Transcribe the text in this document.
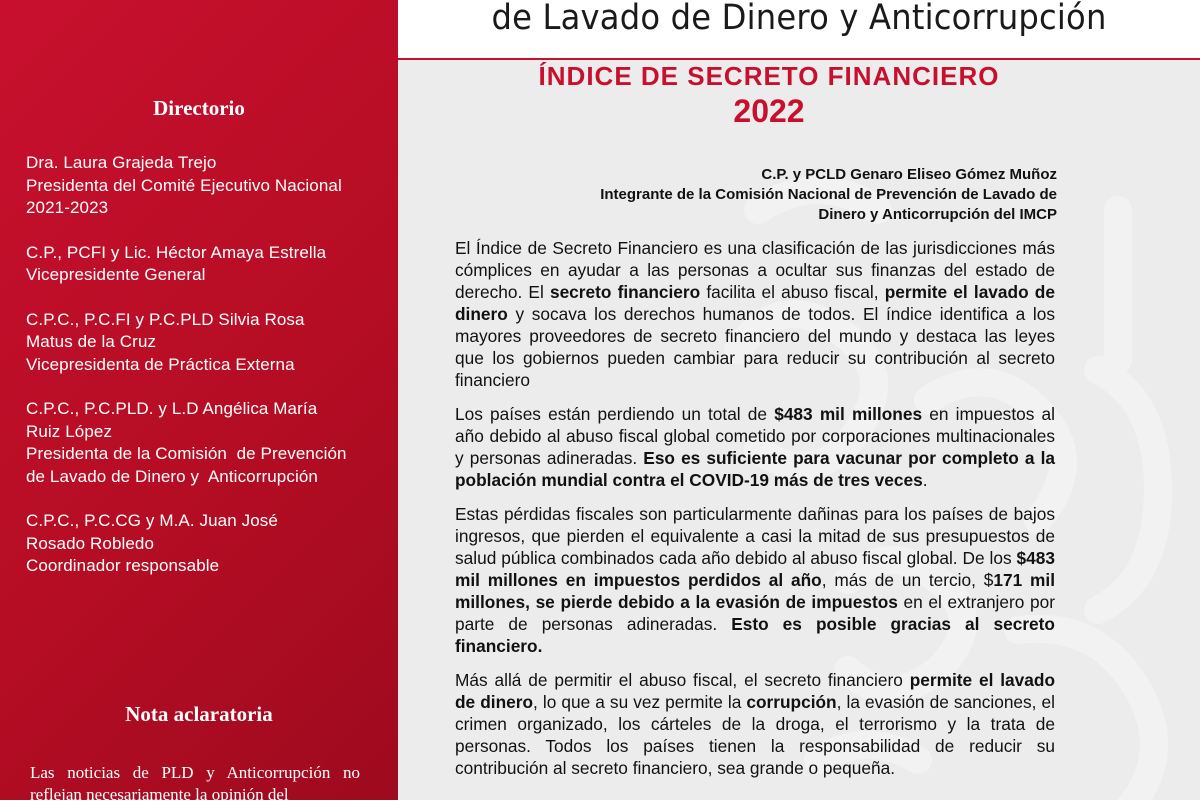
Directorio
Dra. Laura Grajeda Trejo
Presidenta del Comité Ejecutivo Nacional
2021-2023
C.P., PCFI y Lic. Héctor Amaya Estrella
Vicepresidente General
C.P.C., P.C.FI y P.C.PLD Silvia Rosa
Matus de la Cruz
Vicepresidenta de Práctica Externa
C.P.C., P.C.PLD. y L.D Angélica María
Ruiz López
Presidenta de la Comisión  de Prevención
de Lavado de Dinero y  Anticorrupción
C.P.C., P.C.CG y M.A. Juan José
Rosado Robledo
Coordinador responsable
Nota aclaratoria
Las noticias de PLD y Anticorrupción no reflejan necesariamente la opinión del
de Lavado de Dinero y Anticorrupción
ÍNDICE DE SECRETO FINANCIERO
2022
C.P. y PCLD Genaro Eliseo Gómez Muñoz
Integrante de la Comisión Nacional de Prevención de Lavado de
Dinero y Anticorrupción del IMCP

El Índice de Secreto Financiero es una clasificación de las jurisdicciones más cómplices en ayudar a las personas a ocultar sus finanzas del estado de derecho. El secreto financiero facilita el abuso fiscal, permite el lavado de dinero y socava los derechos humanos de todos. El índice identifica a los mayores proveedores de secreto financiero del mundo y destaca las leyes que los gobiernos pueden cambiar para reducir su contribución al secreto financiero

Los países están perdiendo un total de $483 mil millones en impuestos al año debido al abuso fiscal global cometido por corporaciones multinacionales y personas adineradas. Eso es suficiente para vacunar por completo a la población mundial contra el COVID-19 más de tres veces.

Estas pérdidas fiscales son particularmente dañinas para los países de bajos ingresos, que pierden el equivalente a casi la mitad de sus presupuestos de salud pública combinados cada año debido al abuso fiscal global. De los $483 mil millones en impuestos perdidos al año, más de un tercio, $171 mil millones, se pierde debido a la evasión de impuestos en el extranjero por parte de personas adineradas. Esto es posible gracias al secreto financiero.

Más allá de permitir el abuso fiscal, el secreto financiero permite el lavado de dinero, lo que a su vez permite la corrupción, la evasión de sanciones, el crimen organizado, los cárteles de la droga, el terrorismo y la trata de personas. Todos los países tienen la responsabilidad de reducir su contribución al secreto financiero, sea grande o pequeña.
